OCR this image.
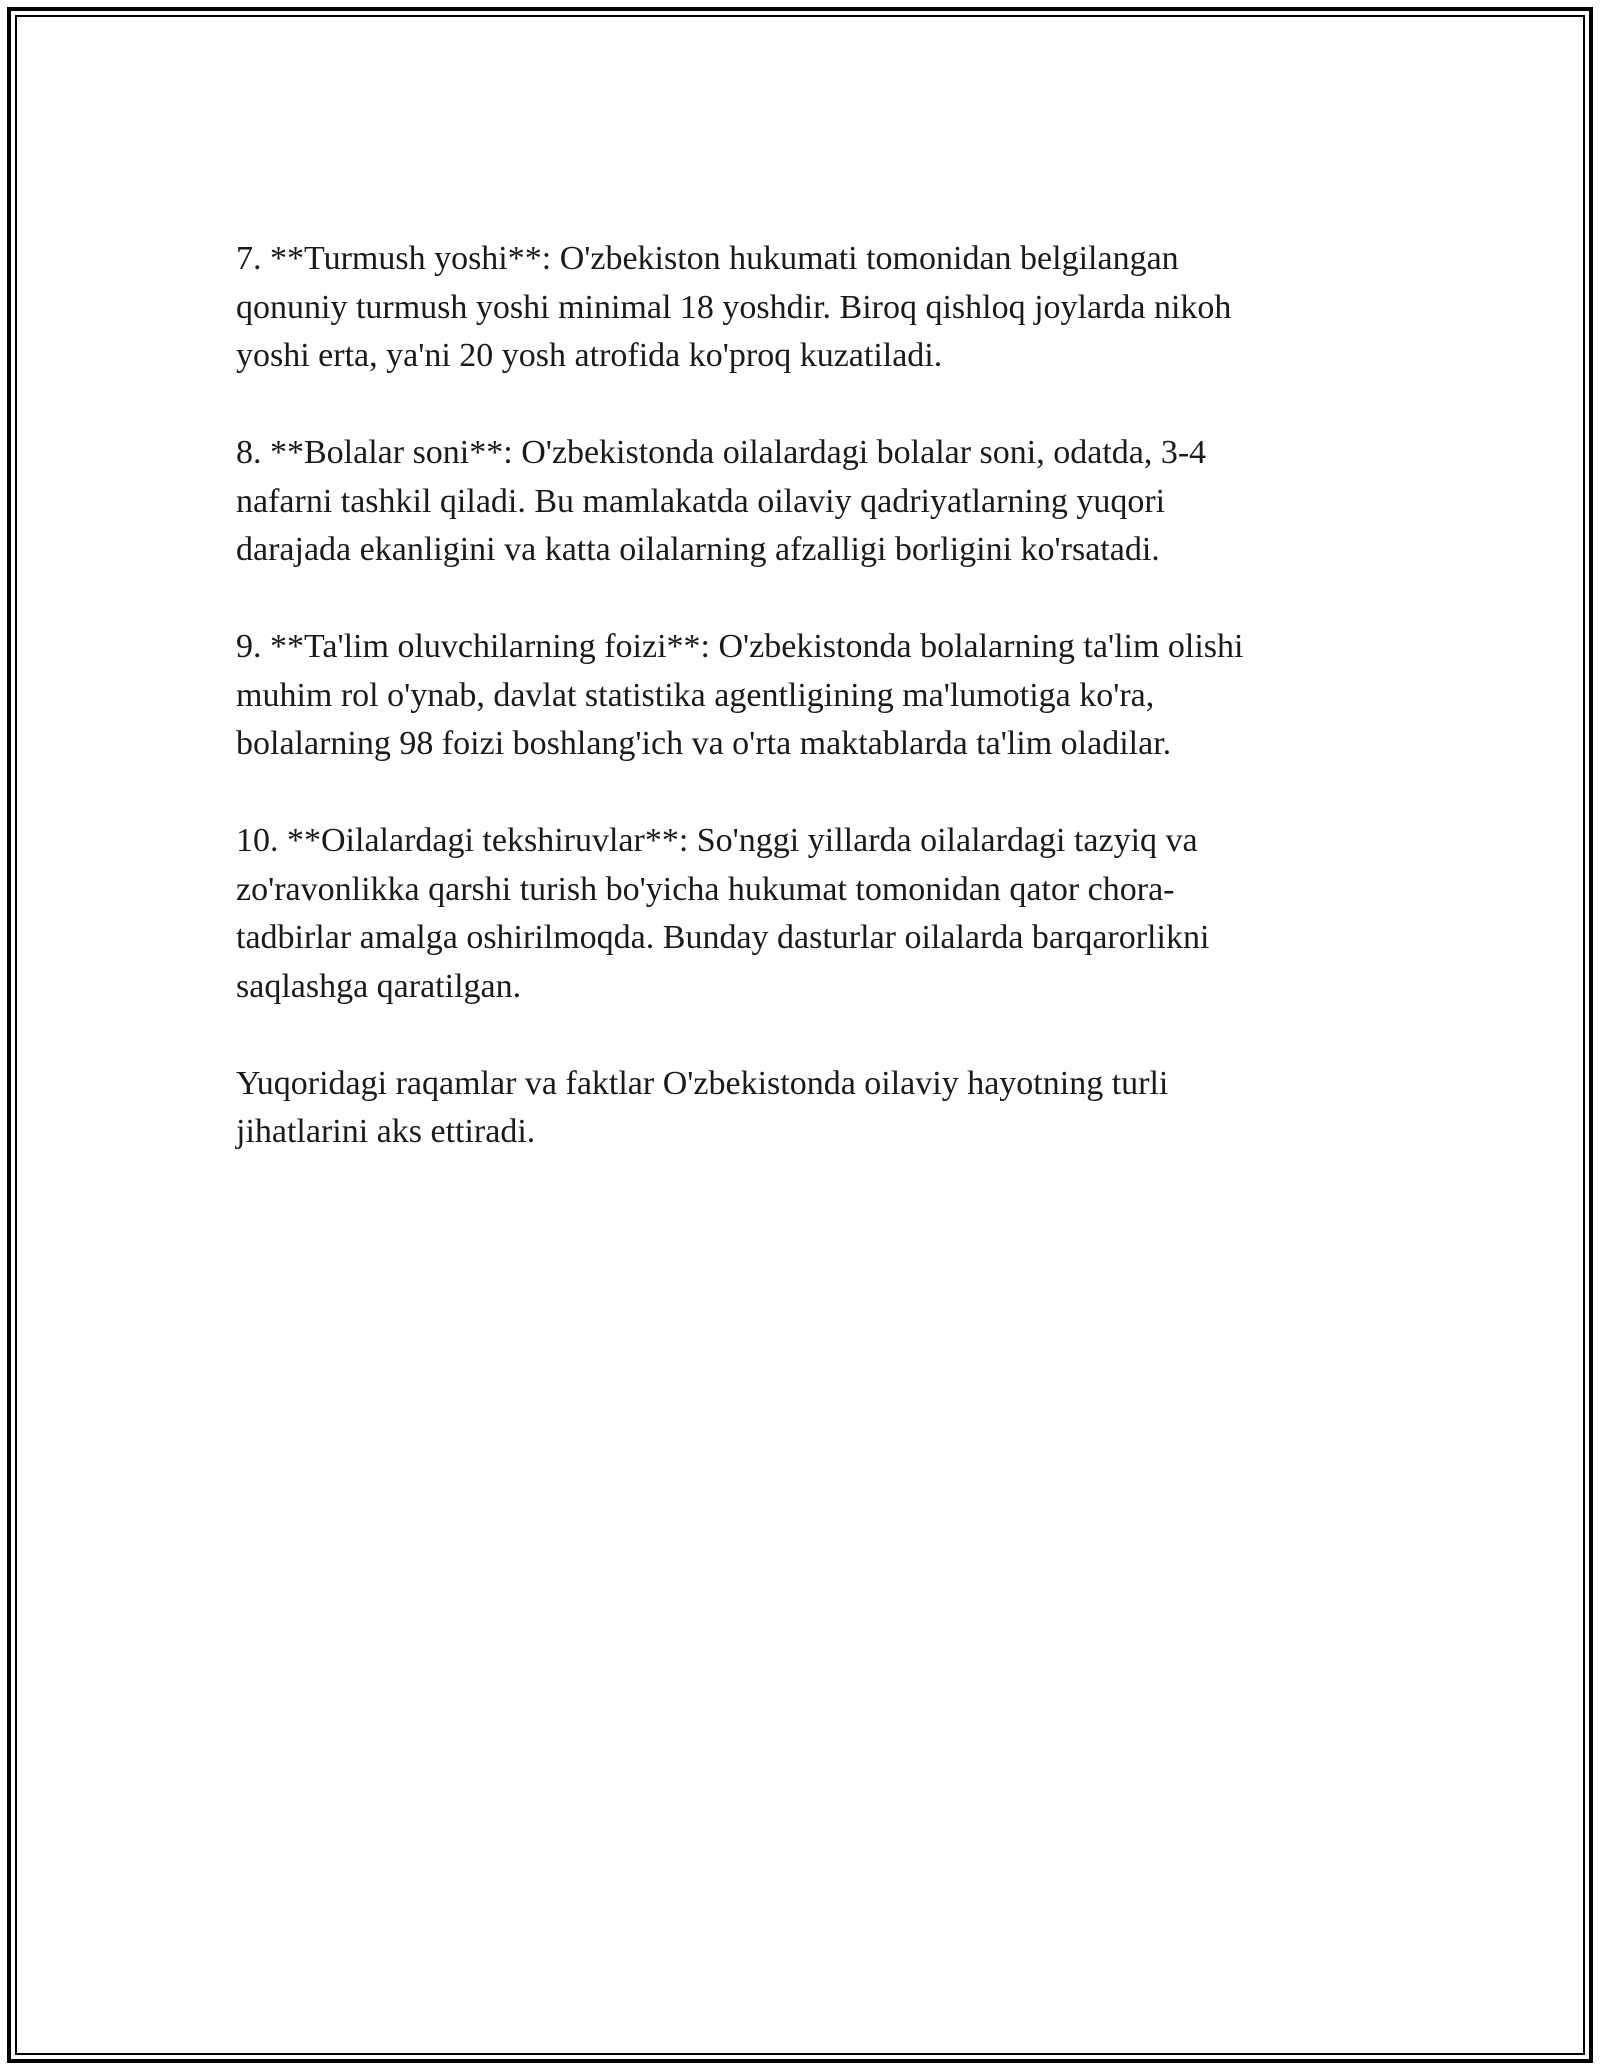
7. **Turmush yoshi**: O'zbekiston hukumati tomonidan belgilangan
qonuniy turmush yoshi minimal 18 yoshdir. Biroq qishloq joylarda nikoh
yoshi erta, ya'ni 20 yosh atrofida ko'proq kuzatiladi.

8. **Bolalar soni**: O'zbekistonda oilalardagi bolalar soni, odatda, 3-4
nafarni tashkil qiladi. Bu mamlakatda oilaviy qadriyatlarning yuqori
darajada ekanligini va katta oilalarning afzalligi borligini ko'rsatadi.

9. **Ta'lim oluvchilarning foizi**: O'zbekistonda bolalarning ta'lim olishi
muhim rol o'ynab, davlat statistika agentligining ma'lumotiga ko'ra,
bolalarning 98 foizi boshlang'ich va o'rta maktablarda ta'lim oladilar.

10. **Oilalardagi tekshiruvlar**: So'nggi yillarda oilalardagi tazyiq va
zo'ravonlikka qarshi turish bo'yicha hukumat tomonidan qator chora-
tadbirlar amalga oshirilmoqda. Bunday dasturlar oilalarda barqarorlikni
saqlashga qaratilgan.

Yuqoridagi raqamlar va faktlar O'zbekistonda oilaviy hayotning turli
jihatlarini aks ettiradi.
